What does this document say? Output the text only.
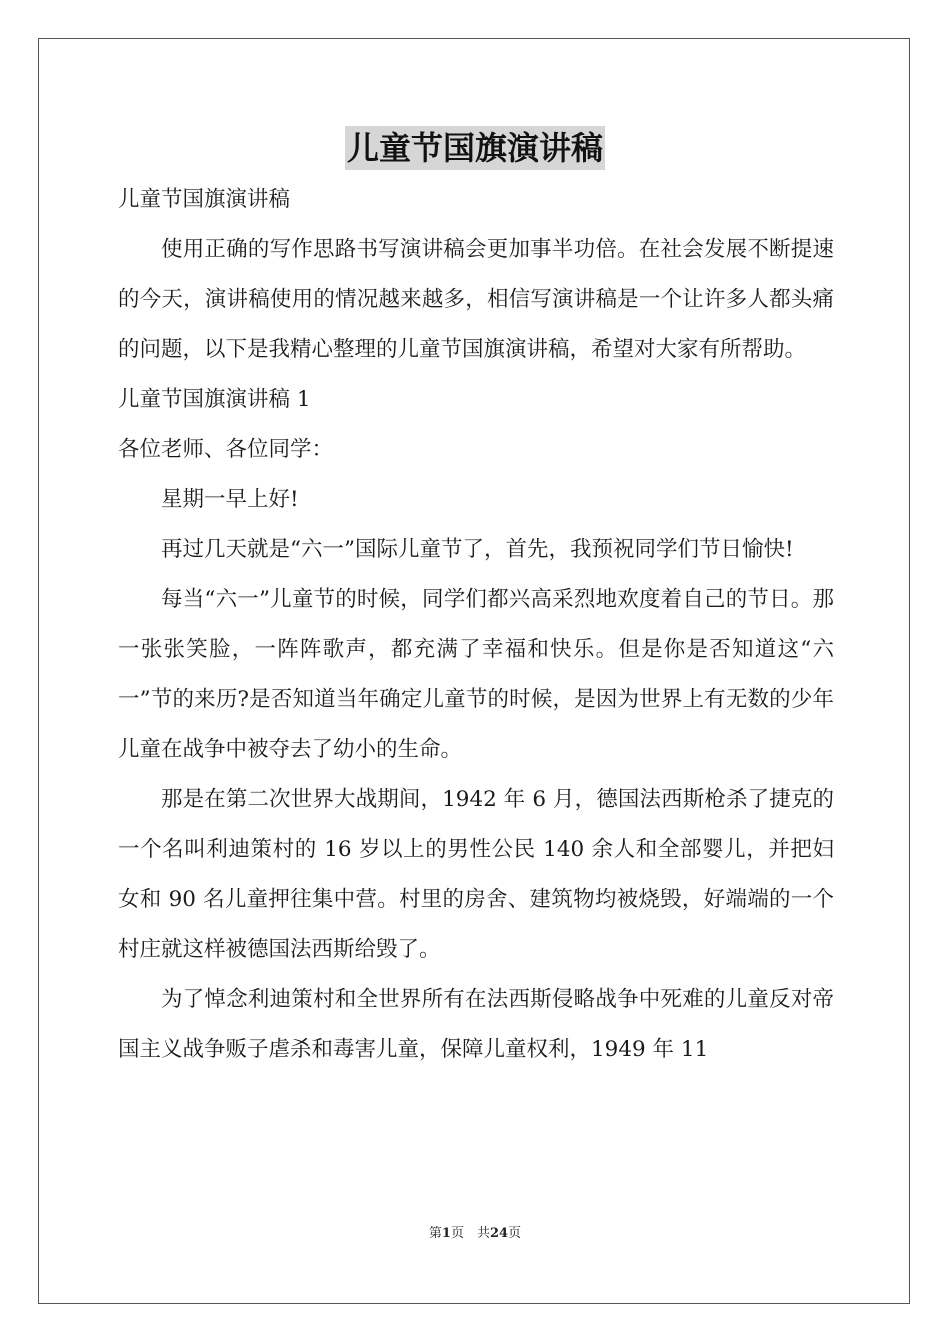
儿童节国旗演讲稿

儿童节国旗演讲稿

使用正确的写作思路书写演讲稿会更加事半功倍。在社会发展不断提速的今天，演讲稿使用的情况越来越多，相信写演讲稿是一个让许多人都头痛的问题，以下是我精心整理的儿童节国旗演讲稿，希望对大家有所帮助。

儿童节国旗演讲稿 1

各位老师、各位同学：

星期一早上好!

再过几天就是“六一”国际儿童节了，首先，我预祝同学们节日愉快!

每当“六一”儿童节的时候，同学们都兴高采烈地欢度着自己的节日。那一张张笑脸，一阵阵歌声，都充满了幸福和快乐。但是你是否知道这“六一”节的来历?是否知道当年确定儿童节的时候，是因为世界上有无数的少年儿童在战争中被夺去了幼小的生命。

那是在第二次世界大战期间，1942 年 6 月，德国法西斯枪杀了捷克的一个名叫利迪策村的 16 岁以上的男性公民 140 余人和全部婴儿，并把妇女和 90 名儿童押往集中营。村里的房舍、建筑物均被烧毁，好端端的一个村庄就这样被德国法西斯给毁了。

为了悼念利迪策村和全世界所有在法西斯侵略战争中死难的儿童反对帝国主义战争贩子虐杀和毒害儿童，保障儿童权利，1949 年 11

第1页　共24页
